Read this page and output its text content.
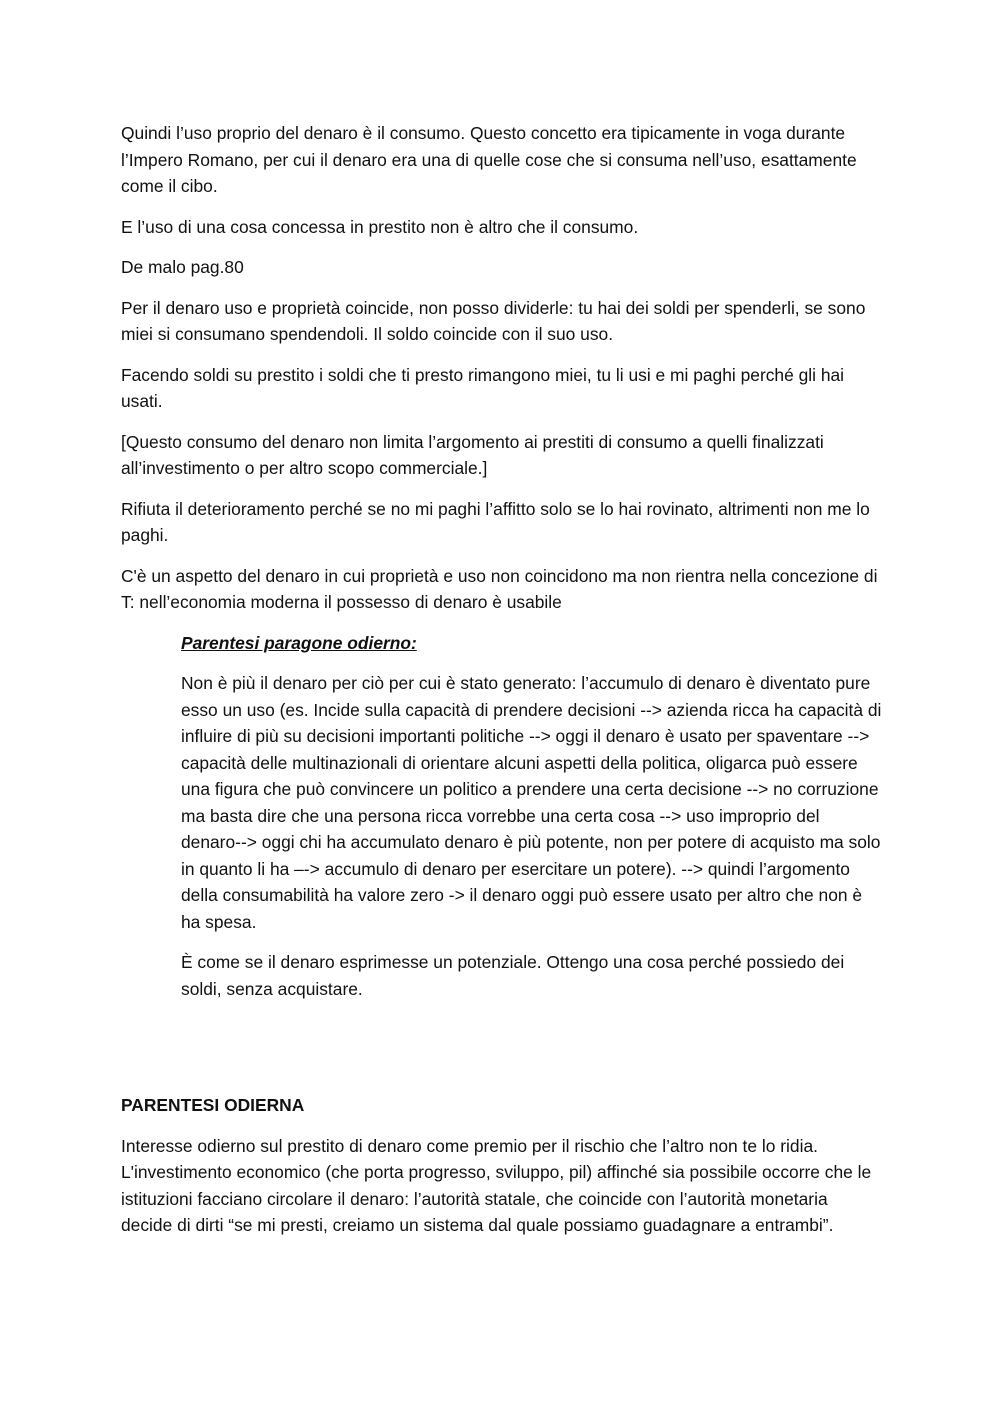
Quindi l’uso proprio del denaro è il consumo. Questo concetto era tipicamente in voga durante l’Impero Romano, per cui il denaro era una di quelle cose che si consuma nell’uso, esattamente come il cibo.

E l’uso di una cosa concessa in prestito non è altro che il consumo.

De malo pag.80

Per il denaro uso e proprietà coincide, non posso dividerle: tu hai dei soldi per spenderli, se sono miei si consumano spendendoli. Il soldo coincide con il suo uso.

Facendo soldi su prestito i soldi che ti presto rimangono miei, tu li usi e mi paghi perché gli hai usati.

[Questo consumo del denaro non limita l’argomento ai prestiti di consumo a quelli finalizzati all’investimento o per altro scopo commerciale.]

Rifiuta il deterioramento perché se no mi paghi l’affitto solo se lo hai rovinato, altrimenti non me lo paghi.

C'è un aspetto del denaro in cui proprietà e uso non coincidono ma non rientra nella concezione di T: nell’economia moderna il possesso di denaro è usabile

Parentesi paragone odierno:

Non è più il denaro per ciò per cui è stato generato: l’accumulo di denaro è diventato pure esso un uso (es. Incide sulla capacità di prendere decisioni --> azienda ricca ha capacità di influire di più su decisioni importanti politiche --> oggi il denaro è usato per spaventare --> capacità delle multinazionali di orientare alcuni aspetti della politica, oligarca può essere una figura che può convincere un politico a prendere una certa decisione --> no corruzione ma basta dire che una persona ricca vorrebbe una certa cosa --> uso improprio del denaro--> oggi chi ha accumulato denaro è più potente, non per potere di acquisto ma solo in quanto li ha –-> accumulo di denaro per esercitare un potere). --> quindi l’argomento della consumabilità ha valore zero -> il denaro oggi può essere usato per altro che non è ha spesa.

È come se il denaro esprimesse un potenziale. Ottengo una cosa perché possiedo dei soldi, senza acquistare.

PARENTESI ODIERNA

Interesse odierno sul prestito di denaro come premio per il rischio che l’altro non te lo ridia. L'investimento economico (che porta progresso, sviluppo, pil) affinché sia possibile occorre che le istituzioni facciano circolare il denaro: l’autorità statale, che coincide con l’autorità monetaria decide di dirti “se mi presti, creiamo un sistema dal quale possiamo guadagnare a entrambi”.
